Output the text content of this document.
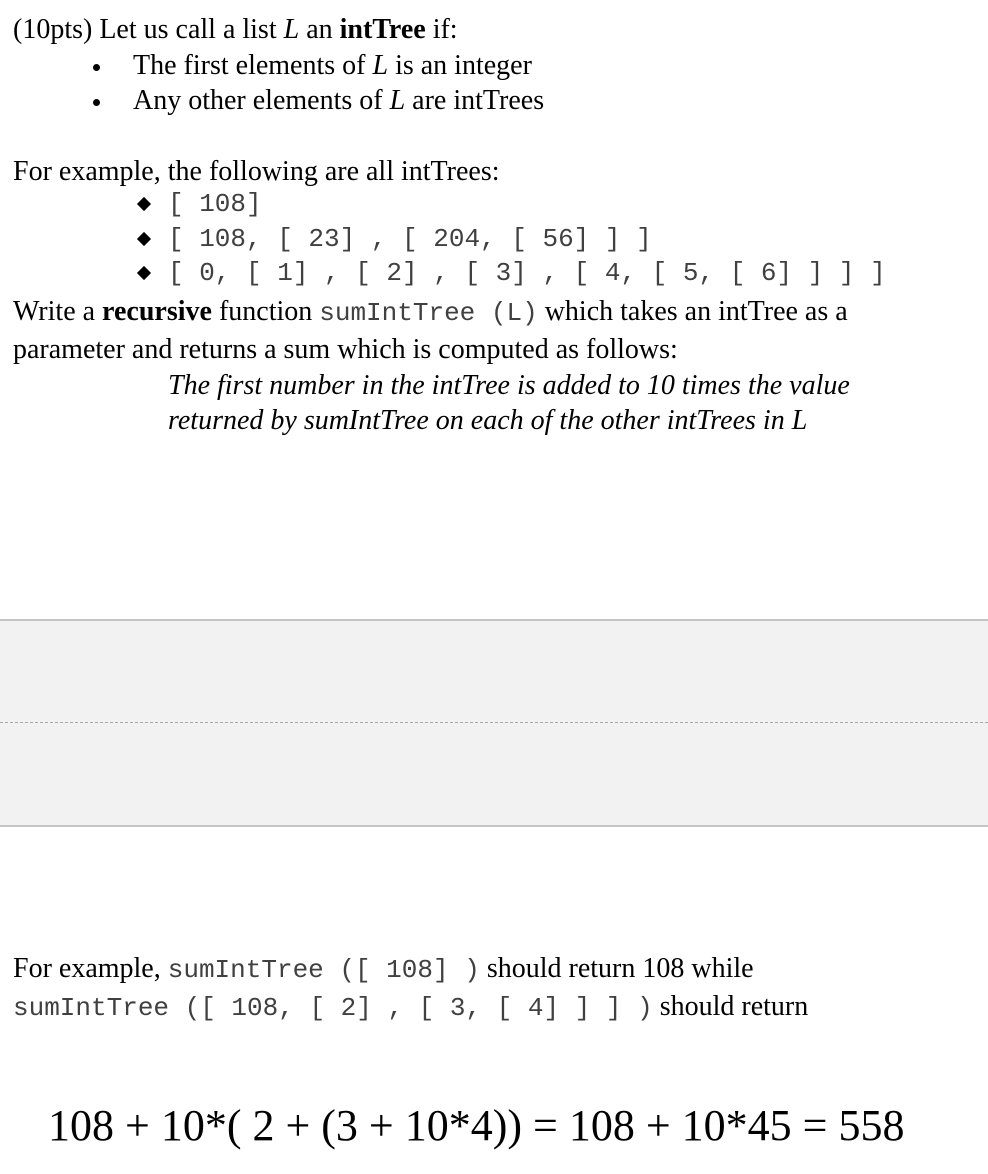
(10pts) Let us call a list L an intTree if:
The first elements of L is an integer
Any other elements of L are intTrees
For example, the following are all intTrees:
[ 108]
[ 108, [ 23] , [ 204, [ 56] ] ]
[ 0, [ 1] , [ 2] , [ 3] , [ 4, [ 5, [ 6] ] ] ]
Write a recursive function sumIntTree (L) which takes an intTree as a
parameter and returns a sum which is computed as follows:
The first number in the intTree is added to 10 times the value
returned by sumIntTree on each of the other intTrees in L
For example, sumIntTree ([ 108] ) should return 108 while
sumIntTree ([ 108, [ 2] , [ 3, [ 4] ] ] ) should return
108 + 10*( 2 + (3 + 10*4)) = 108 + 10*45 = 558
